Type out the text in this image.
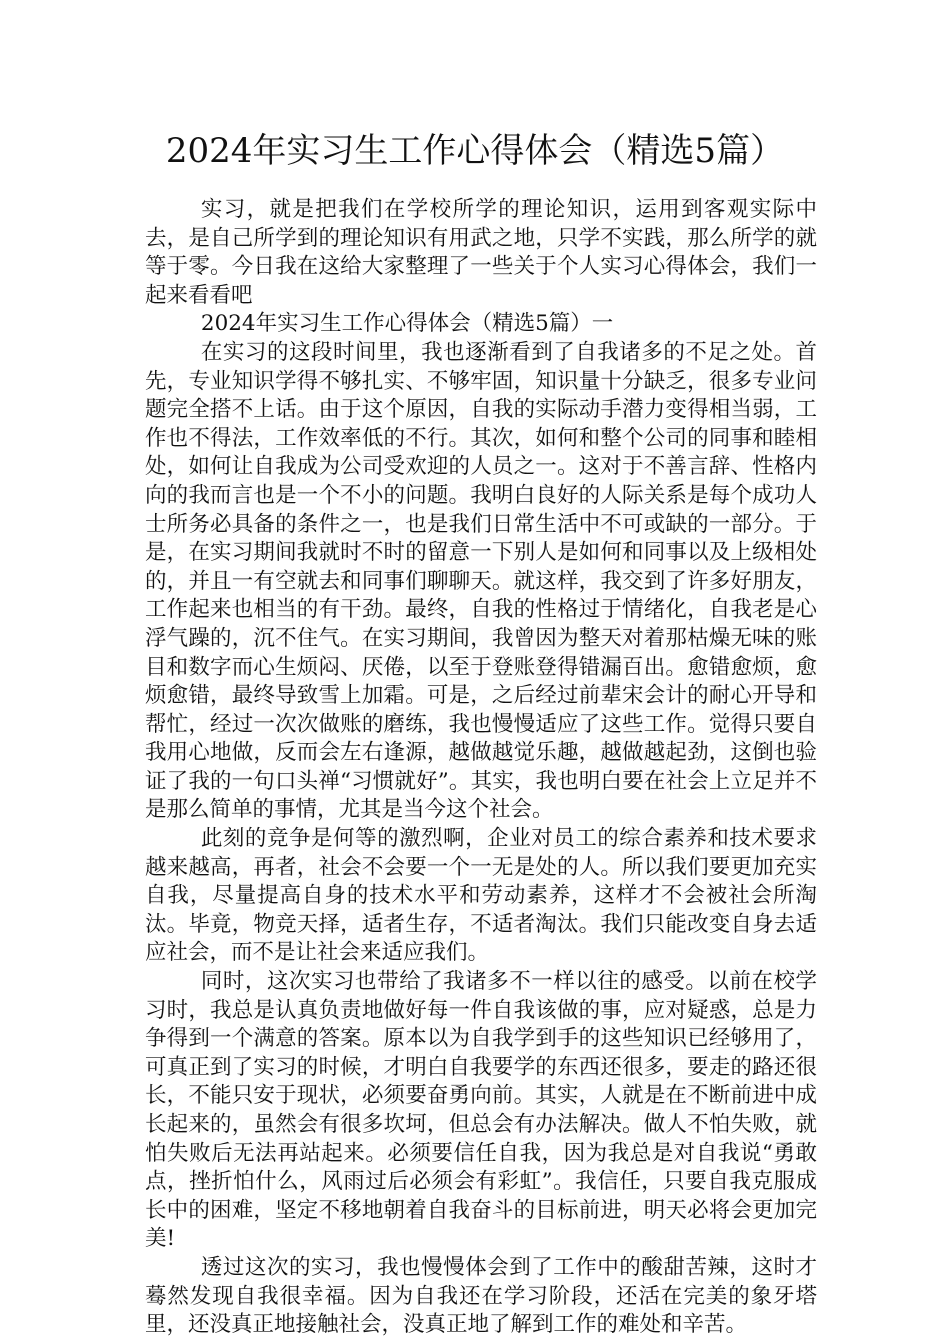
2024年实习生工作心得体会（精选5篇）

实习，就是把我们在学校所学的理论知识，运用到客观实际中去，是自己所学到的理论知识有用武之地，只学不实践，那么所学的就等于零。今日我在这给大家整理了一些关于个人实习心得体会，我们一起来看看吧

2024年实习生工作心得体会（精选5篇）一

在实习的这段时间里，我也逐渐看到了自我诸多的不足之处。首先，专业知识学得不够扎实、不够牢固，知识量十分缺乏，很多专业问题完全搭不上话。由于这个原因，自我的实际动手潜力变得相当弱，工作也不得法，工作效率低的不行。其次，如何和整个公司的同事和睦相处，如何让自我成为公司受欢迎的人员之一。这对于不善言辞、性格内向的我而言也是一个不小的问题。我明白良好的人际关系是每个成功人士所务必具备的条件之一，也是我们日常生活中不可或缺的一部分。于是，在实习期间我就时不时的留意一下别人是如何和同事以及上级相处的，并且一有空就去和同事们聊聊天。就这样，我交到了许多好朋友，工作起来也相当的有干劲。最终，自我的性格过于情绪化，自我老是心浮气躁的，沉不住气。在实习期间，我曾因为整天对着那枯燥无味的账目和数字而心生烦闷、厌倦，以至于登账登得错漏百出。愈错愈烦，愈烦愈错，最终导致雪上加霜。可是，之后经过前辈宋会计的耐心开导和帮忙，经过一次次做账的磨练，我也慢慢适应了这些工作。觉得只要自我用心地做，反而会左右逢源，越做越觉乐趣，越做越起劲，这倒也验证了我的一句口头禅“习惯就好”。其实，我也明白要在社会上立足并不是那么简单的事情，尤其是当今这个社会。

此刻的竞争是何等的激烈啊，企业对员工的综合素养和技术要求越来越高，再者，社会不会要一个一无是处的人。所以我们要更加充实自我，尽量提高自身的技术水平和劳动素养，这样才不会被社会所淘汰。毕竟，物竞天择，适者生存，不适者淘汰。我们只能改变自身去适应社会，而不是让社会来适应我们。

同时，这次实习也带给了我诸多不一样以往的感受。以前在校学习时，我总是认真负责地做好每一件自我该做的事，应对疑惑，总是力争得到一个满意的答案。原本以为自我学到手的这些知识已经够用了，可真正到了实习的时候，才明白自我要学的东西还很多，要走的路还很长，不能只安于现状，必须要奋勇向前。其实，人就是在不断前进中成长起来的，虽然会有很多坎坷，但总会有办法解决。做人不怕失败，就怕失败后无法再站起来。必须要信任自我，因为我总是对自我说“勇敢点，挫折怕什么，风雨过后必须会有彩虹”。我信任，只要自我克服成长中的困难，坚定不移地朝着自我奋斗的目标前进，明天必将会更加完美!

透过这次的实习，我也慢慢体会到了工作中的酸甜苦辣，这时才蓦然发现自我很幸福。因为自我还在学习阶段，还活在完美的象牙塔里，还没真正地接触社会，没真正地了解到工作的难处和辛苦。
